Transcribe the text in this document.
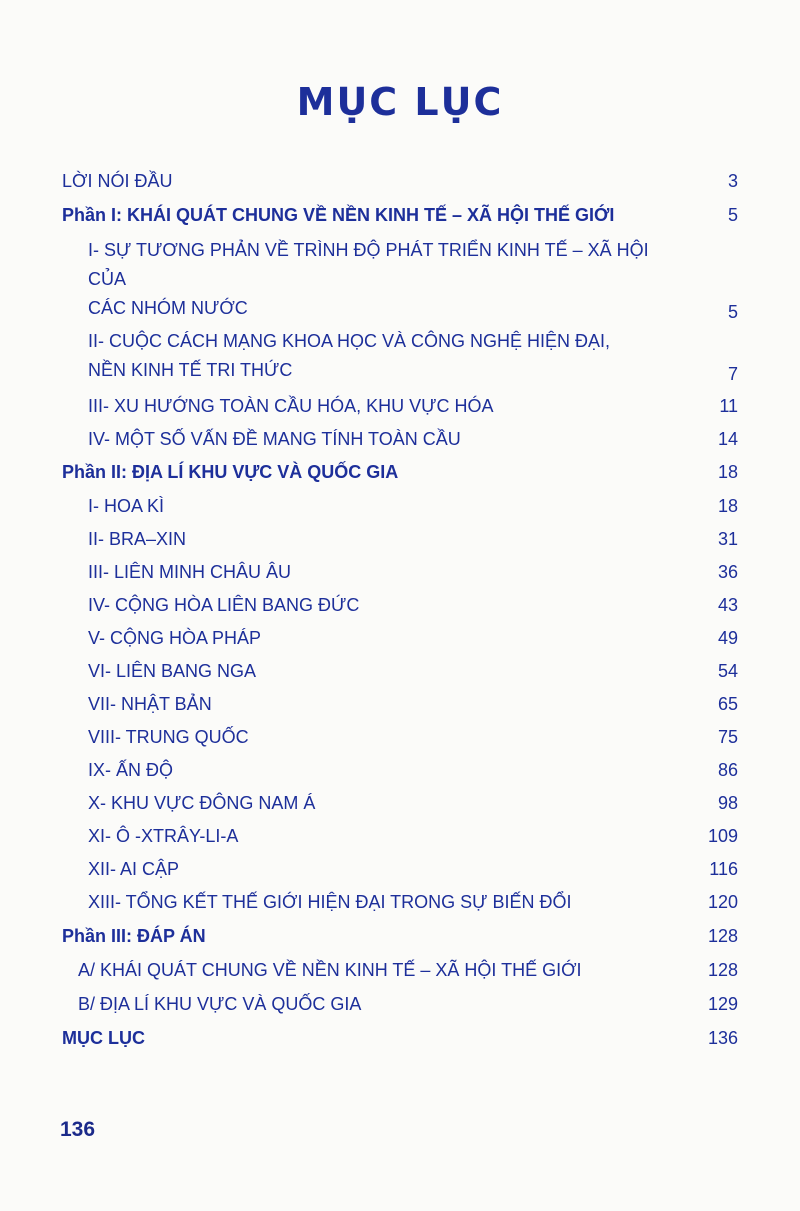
MỤC LỤC
LỜI NÓI ĐẦU	3
Phần I: KHÁI QUÁT CHUNG VỀ NỀN KINH TẾ – XÃ HỘI THẾ GIỚI	5
I- SỰ TƯƠNG PHẢN VỀ TRÌNH ĐỘ PHÁT TRIỂN KINH TẾ – XÃ HỘI CỦA
CÁC NHÓM NƯỚC	5
II- CUỘC CÁCH MẠNG KHOA HỌC VÀ CÔNG NGHỆ HIỆN ĐẠI,
NỀN KINH TẾ TRI THỨC	7
III- XU HƯỚNG TOÀN CẦU HÓA, KHU VỰC HÓA	11
IV- MỘT SỐ VẤN ĐỀ MANG TÍNH TOÀN CẦU	14
Phần II: ĐỊA LÍ KHU VỰC VÀ QUỐC GIA	18
I- HOA KÌ	18
II- BRA–XIN	31
III- LIÊN MINH CHÂU ÂU	36
IV- CỘNG HÒA LIÊN BANG ĐỨC	43
V- CỘNG HÒA PHÁP	49
VI- LIÊN BANG NGA	54
VII- NHẬT BẢN	65
VIII- TRUNG QUỐC	75
IX- ẤN ĐỘ	86
X- KHU VỰC ĐÔNG NAM Á	98
XI- Ô -XTRÂY-LI-A	109
XII- AI CẬP	116
XIII- TỔNG KẾT THẾ GIỚI HIỆN ĐẠI TRONG SỰ BIẾN ĐỔI	120
Phần III: ĐÁP ÁN	128
A/ KHÁI QUÁT CHUNG VỀ NỀN KINH TẾ – XÃ HỘI THẾ GIỚI	128
B/ ĐỊA LÍ KHU VỰC VÀ QUỐC GIA	129
MỤC LỤC	136
136
